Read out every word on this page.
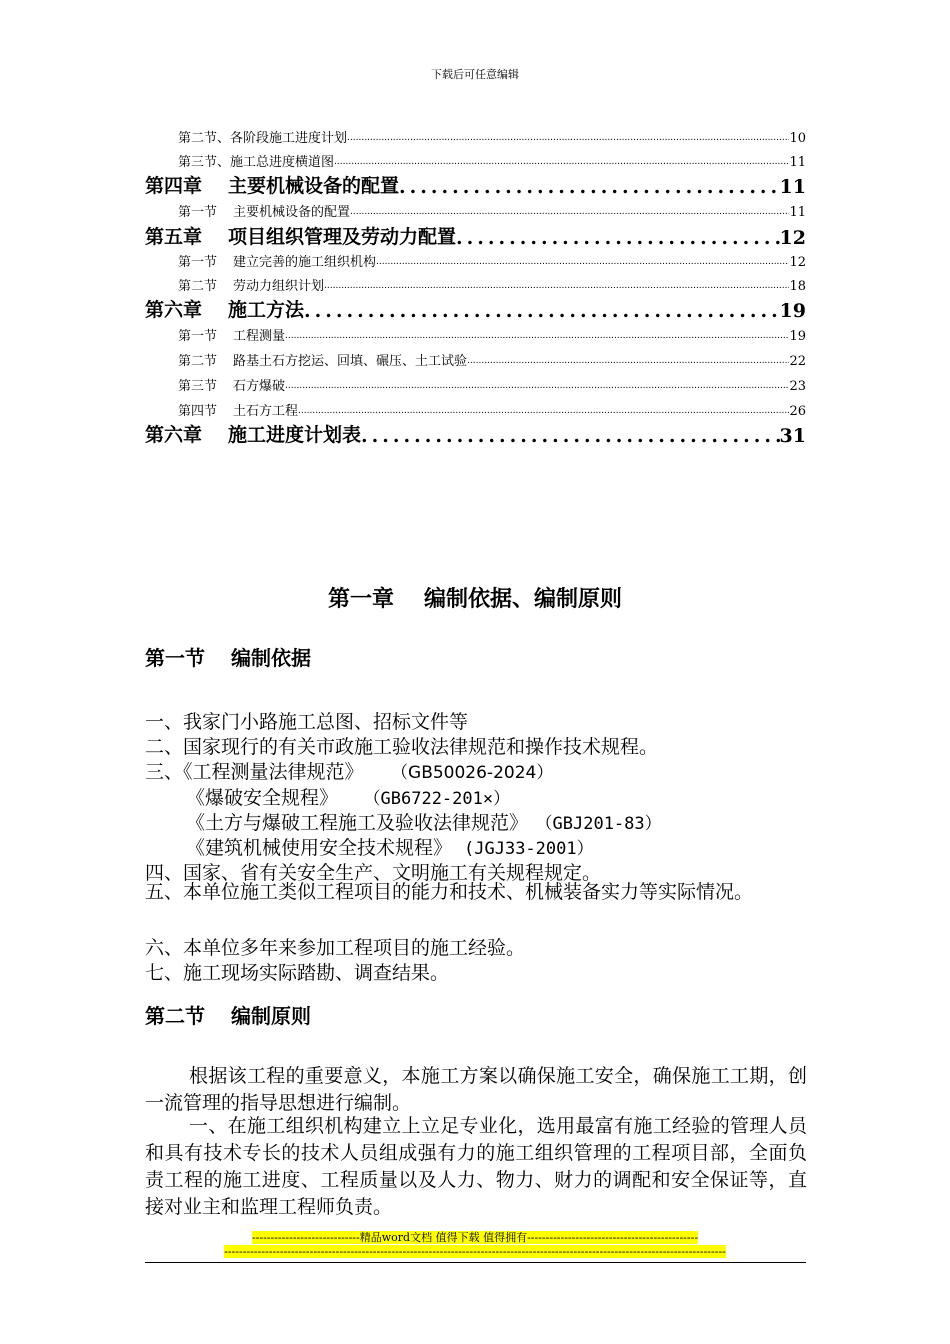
下载后可任意编辑
第二节、各阶段施工进度计划 .....	10
第三节、施工总进度横道图 .....	11
第四章 主要机械设备的配置 .....	11
第一节 主要机械设备的配置 .....	11
第五章 项目组织管理及劳动力配置 .....	12
第一节 建立完善的施工组织机构 .....	12
第二节 劳动力组织计划 .....	18
第六章 施工方法 .....	19
第一节 工程测量 .....	19
第二节 路基土石方挖运、回填、碾压、土工试验 .....	22
第三节 石方爆破 .....	23
第四节 土石方工程 .....	26
第六章 施工进度计划表 .....	31
第一章 编制依据、编制原则
第一节 编制依据
一、我家门小路施工总图、招标文件等
二、国家现行的有关市政施工验收法律规范和操作技术规程。
三、《工程测量法律规范》 （GB50026-2024）
《爆破安全规程》 （GB6722-201×）
《土方与爆破工程施工及验收法律规范》 （GBJ201-83）
《建筑机械使用安全技术规程》 (JGJ33-2001）
四、国家、省有关安全生产、文明施工有关规程规定。
五、本单位施工类似工程项目的能力和技术、机械装备实力等实际情况。
六、本单位多年来参加工程项目的施工经验。
七、施工现场实际踏勘、调查结果。
第二节 编制原则
根据该工程的重要意义，本施工方案以确保施工安全，确保施工工期，创一流管理的指导思想进行编制。
一、在施工组织机构建立上立足专业化，选用最富有施工经验的管理人员和具有技术专长的技术人员组成强有力的施工组织管理的工程项目部，全面负责工程的施工进度、工程质量以及人力、物力、财力的调配和安全保证等，直接对业主和监理工程师负责。
-----------------------------精品word文档 值得下载 值得拥有----------------------------------------------
---------------------------------------------------------------------------------------------------------------------------------------
